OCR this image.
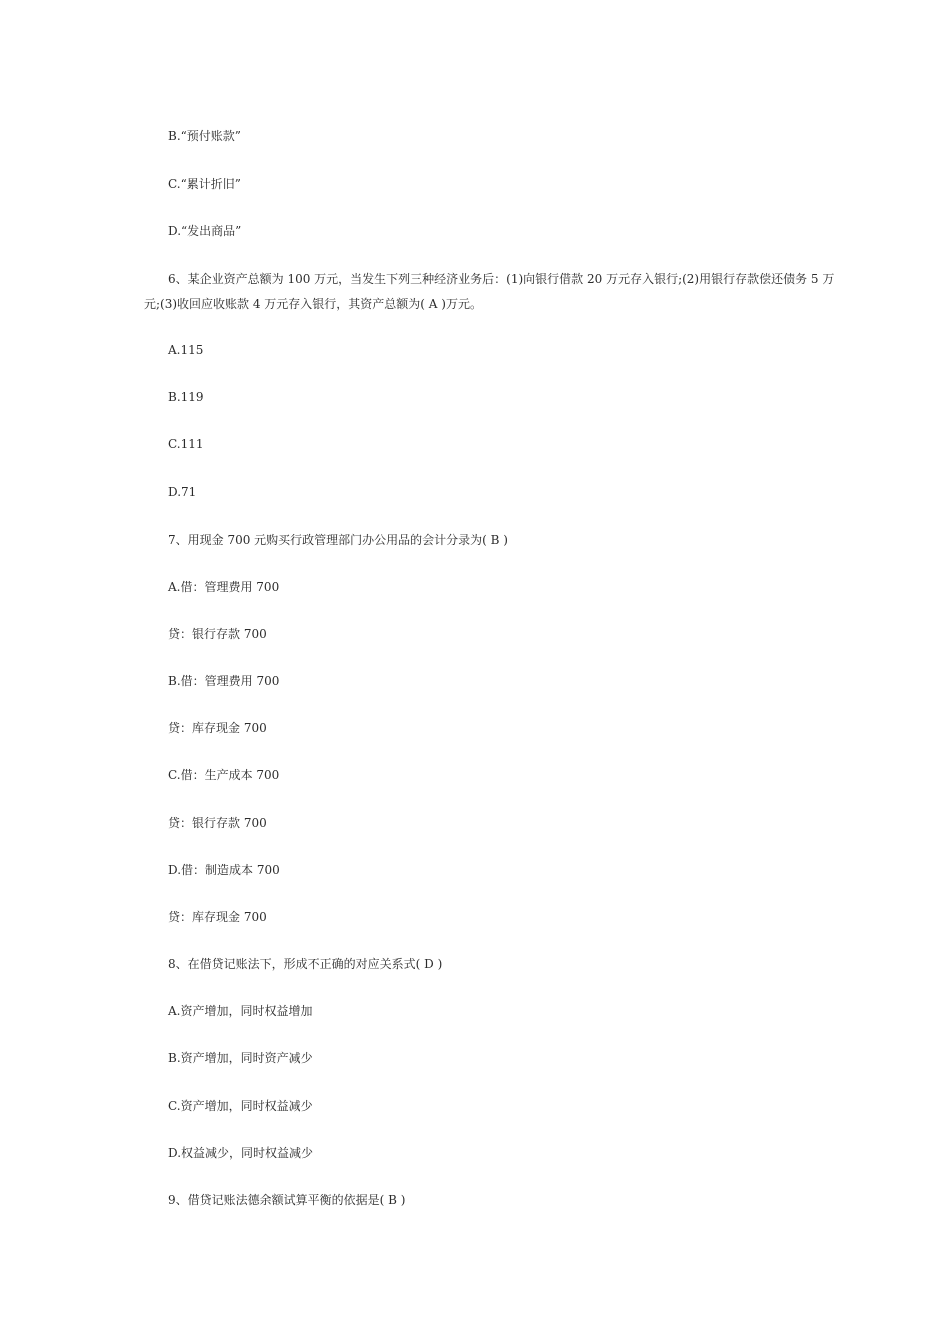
B.“预付账款”
C.“累计折旧”
D.“发出商品”
6、某企业资产总额为 100 万元，当发生下列三种经济业务后：(1)向银行借款 20 万元存入银行;(2)用银行存款偿还债务 5 万
元;(3)收回应收账款 4 万元存入银行，其资产总额为( A )万元。
A.115
B.119
C.111
D.71
7、用现金 700 元购买行政管理部门办公用品的会计分录为( B )
A.借：管理费用 700
贷：银行存款 700
B.借：管理费用 700
贷：库存现金 700
C.借：生产成本 700
贷：银行存款 700
D.借：制造成本 700
贷：库存现金 700
8、在借贷记账法下，形成不正确的对应关系式( D )
A.资产增加，同时权益增加
B.资产增加，同时资产减少
C.资产增加，同时权益减少
D.权益减少，同时权益减少
9、借贷记账法德余额试算平衡的依据是( B )
